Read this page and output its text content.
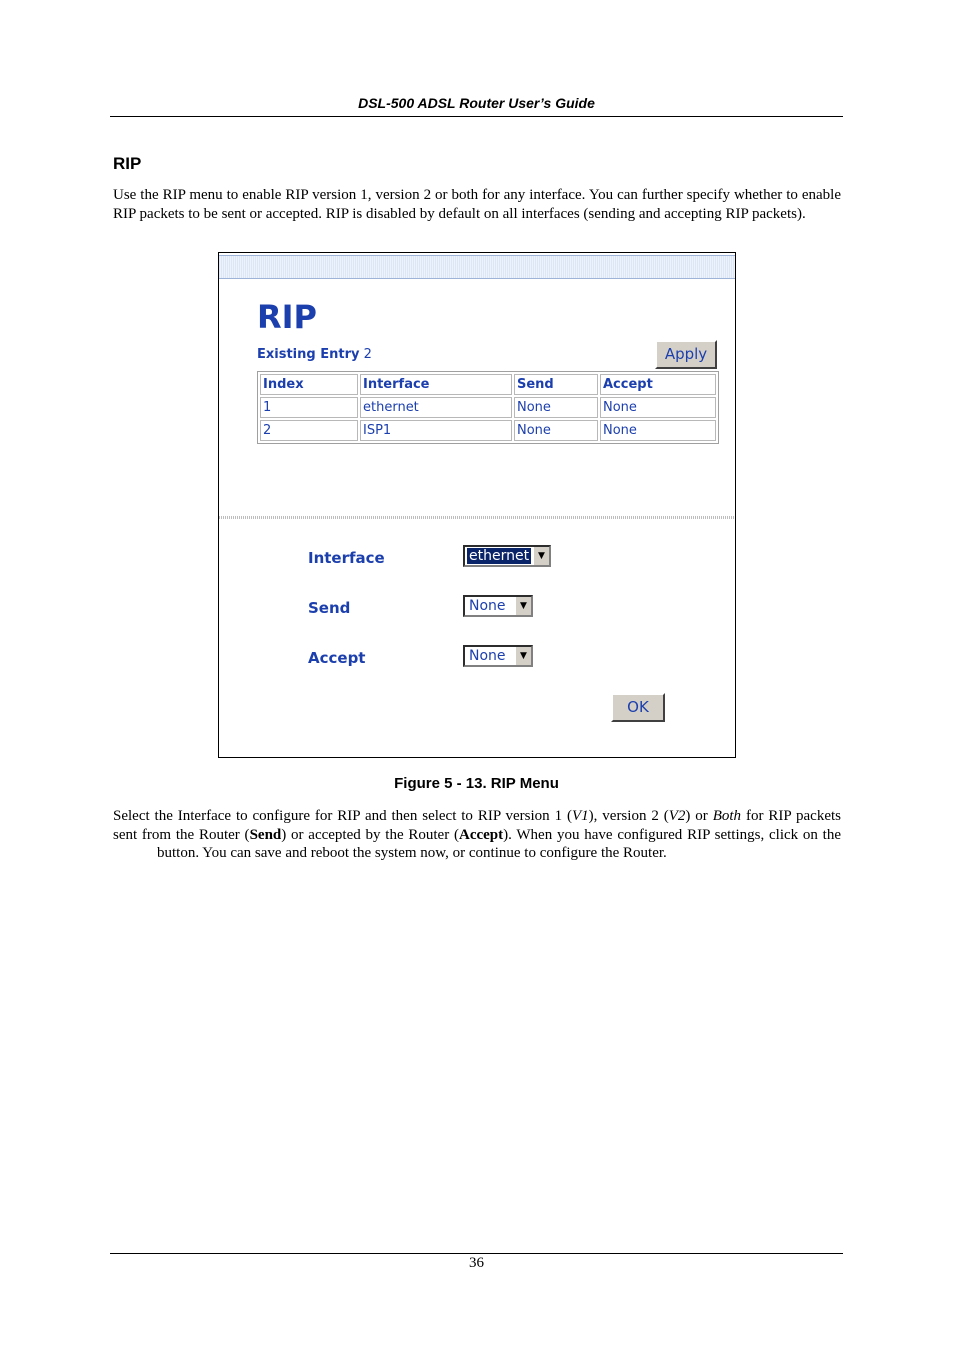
DSL-500 ADSL Router User’s Guide
RIP

Use the RIP menu to enable RIP version 1, version 2 or both for any interface. You can further specify whether to enable RIP packets to be sent or accepted. RIP is disabled by default on all interfaces (sending and accepting RIP packets).

RIP
Existing Entry 2	Apply
Index	Interface	Send	Accept
1	ethernet	None	None
2	ISP1	None	None
Interface	ethernet ▼
Send	None	▼
Accept	None	▼
OK
Figure 5 - 13. RIP Menu

Select the Interface to configure for RIP and then select to RIP version 1 (V1), version 2 (V2) or Both for RIP packets sent from the Router (Send) or accepted by the Router (Accept). When you have configured RIP settings, click on thebutton. You can save and reboot the system now, or continue to configure the Router.

36
